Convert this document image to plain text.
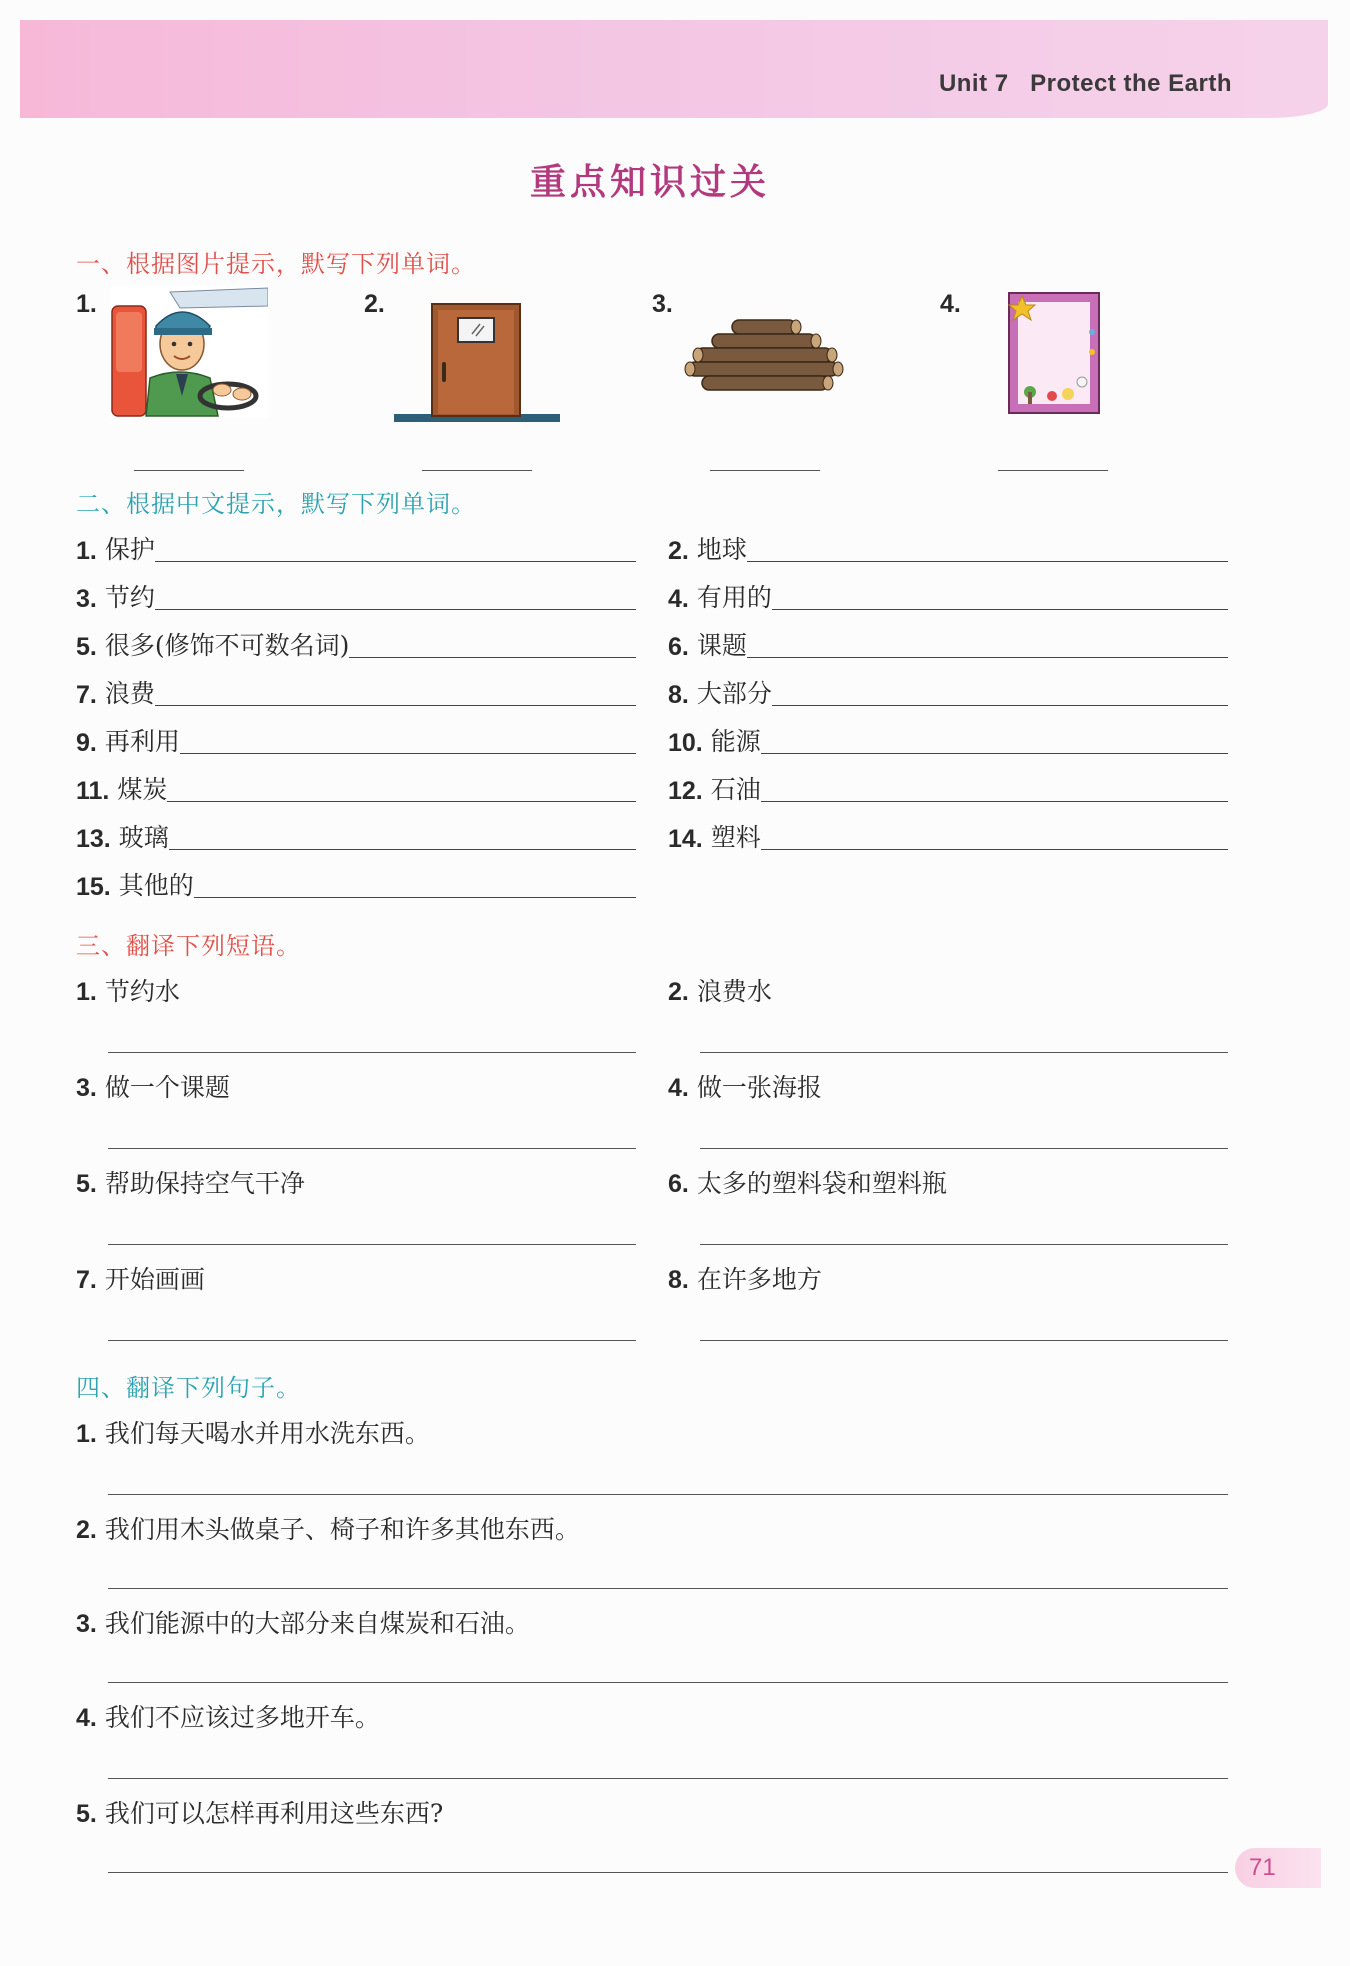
Unit 7 Protect the Earth
重点知识过关
一、根据图片提示，默写下列单词。
1.	2.	3.	4.
二、根据中文提示，默写下列单词。
1. 保护	2. 地球
3. 节约	4. 有用的
5. 很多(修饰不可数名词)	6. 课题
7. 浪费	8. 大部分
9. 再利用	10. 能源
11. 煤炭	12. 石油
13. 玻璃	14. 塑料
15. 其他的
三、翻译下列短语。
1. 节约水	2. 浪费水
3. 做一个课题	4. 做一张海报
5. 帮助保持空气干净	6. 太多的塑料袋和塑料瓶
7. 开始画画	8. 在许多地方
四、翻译下列句子。
1. 我们每天喝水并用水洗东西。
2. 我们用木头做桌子、椅子和许多其他东西。
3. 我们能源中的大部分来自煤炭和石油。
4. 我们不应该过多地开车。
5. 我们可以怎样再利用这些东西?
71
